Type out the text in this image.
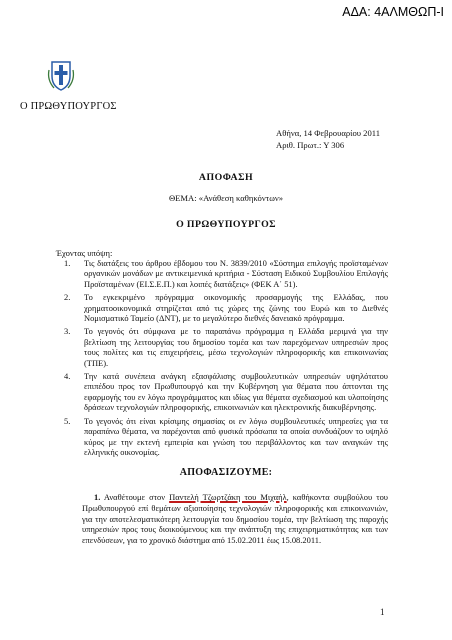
ΑΔΑ: 4ΑΛΜΘΩΠ-Ι
Ο ΠΡΩΘΥΠΟΥΡΓΟΣ
Αθήνα, 14 Φεβρουαρίου 2011
Αριθ. Πρωτ.: Υ 306
ΑΠΟΦΑΣΗ
ΘΕΜΑ: «Ανάθεση καθηκόντων»
Ο ΠΡΩΘΥΠΟΥΡΓΟΣ
Έχοντας υπόψη:
1. Τις διατάξεις του άρθρου έβδομου του Ν. 3839/2010 «Σύστημα επιλογής προϊσταμένων οργανικών μονάδων με αντικειμενικά κριτήρια - Σύσταση Ειδικού Συμβουλίου Επιλογής Προϊσταμένων (ΕΙ.Σ.Ε.Π.) και λοιπές διατάξεις» (ΦΕΚ Α΄ 51).
2. Το εγκεκριμένο πρόγραμμα οικονομικής προσαρμογής της Ελλάδας, που χρηματοοικονομικά στηρίζεται από τις χώρες της ζώνης του Ευρώ και το Διεθνές Νομισματικό Ταμείο (ΔΝΤ), με το μεγαλύτερο διεθνές δανειακό πρόγραμμα.
3. Το γεγονός ότι σύμφωνα με το παραπάνω πρόγραμμα η Ελλάδα μεριμνά για την βελτίωση της λειτουργίας του δημοσίου τομέα και των παρεχόμενων υπηρεσιών προς τους πολίτες και τις επιχειρήσεις, μέσω τεχνολογιών πληροφορικής και επικοινωνίας (ΤΠΕ).
4. Την κατά συνέπεια ανάγκη εξασφάλισης συμβουλευτικών υπηρεσιών υψηλότατου επιπέδου προς τον Πρωθυπουργό και την Κυβέρνηση για θέματα που άπτονται της εφαρμογής του εν λόγω προγράμματος και ιδίως για θέματα σχεδιασμού και υλοποίησης δράσεων τεχνολογιών πληροφορικής, επικοινωνιών και ηλεκτρονικής διακυβέρνησης.
5. Το γεγονός ότι είναι κρίσιμης σημασίας οι εν λόγω συμβουλευτικές υπηρεσίες για τα παραπάνω θέματα, να παρέχονται από φυσικά πρόσωπα τα οποία συνδυάζουν το υψηλό κύρος με την εκτενή εμπειρία και γνώση του περιβάλλοντος και των αναγκών της ελληνικής οικονομίας.
ΑΠΟΦΑΣΙΖΟΥΜΕ:
1. Αναθέτουμε στον Παντελή Τζωρτζάκη του Μιχαήλ, καθήκοντα συμβούλου του Πρωθυπουργού επί θεμάτων αξιοποίησης τεχνολογιών πληροφορικής και επικοινωνιών, για την αποτελεσματικότερη λειτουργία του δημοσίου τομέα, την βελτίωση της παροχής υπηρεσιών προς τους διοικούμενους και την ανάπτυξη της επιχειρηματικότητας και των επενδύσεων, για το χρονικό διάστημα από 15.02.2011 έως 15.08.2011.
1
